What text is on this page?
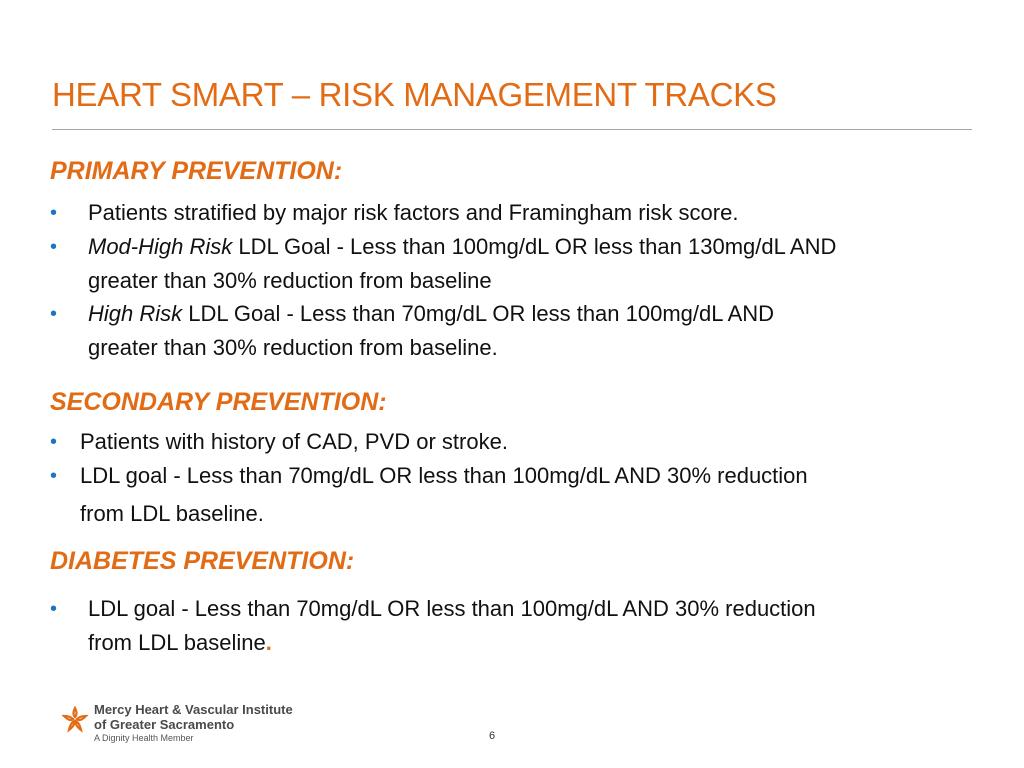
HEART SMART – RISK MANAGEMENT TRACKS
PRIMARY PREVENTION:
• Patients stratified by major risk factors and Framingham risk score.
• Mod-High Risk LDL Goal - Less than 100mg/dL OR less than 130mg/dL AND
greater than 30% reduction from baseline
• High Risk LDL Goal - Less than 70mg/dL OR less than 100mg/dL AND
greater than 30% reduction from baseline.
SECONDARY PREVENTION:
• Patients with history of CAD, PVD or stroke.
• LDL goal - Less than 70mg/dL OR less than 100mg/dL AND 30% reduction
from LDL baseline.
DIABETES PREVENTION:
• LDL goal - Less than 70mg/dL OR less than 100mg/dL AND 30% reduction
from LDL baseline.
Mercy Heart & Vascular Institute
of Greater Sacramento
A Dignity Health Member	6
